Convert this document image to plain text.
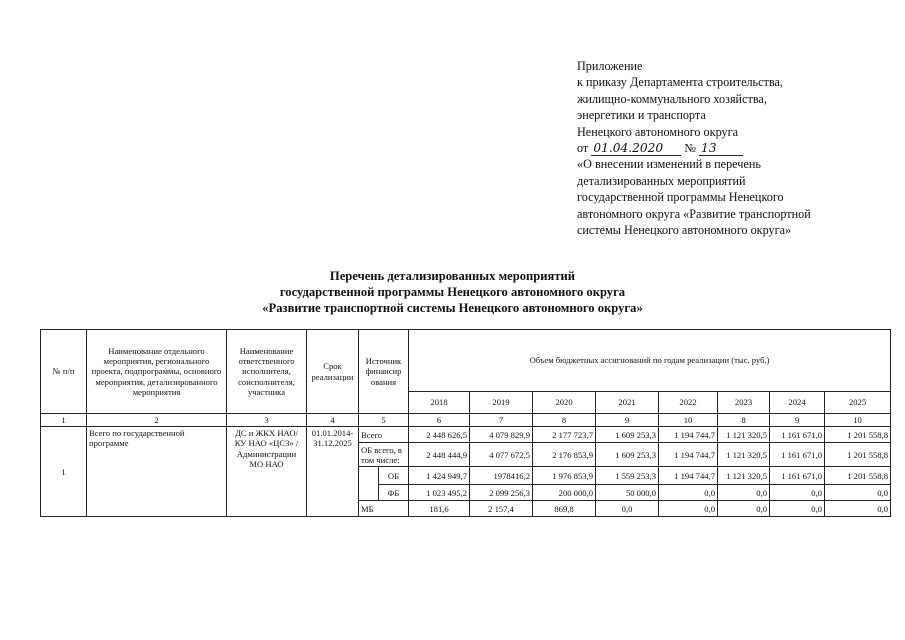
Приложение
к приказу Департамента строительства,
жилищно-коммунального хозяйства,
энергетики и транспорта
Ненецкого автономного округа
от 01.04.2020 № 13
«О внесении изменений в перечень
детализированных мероприятий
государственной программы Ненецкого
автономного округа «Развитие транспортной
системы Ненецкого автономного округа»
Перечень детализированных мероприятий
государственной программы Ненецкого автономного округа
«Развитие транспортной системы Ненецкого автономного округа»
№ п/п	Наименование отдельного мероприятия, регионального проекта, подпрограммы, основного мероприятия, детализированного мероприятия	Наименование ответственного исполнителя, соисполнителя, участника	Срок реализации	Источник финансир ования		Объем бюджетных ассигнований по годам реализации (тыс. руб.)							
						2018	2019	2020	2021	2022	2023	2024	2025
1	2	3	4	5		6	7	8	9	10	8	9	10
1	Всего по государственной программе	ДС и ЖКХ НАО/ КУ НАО «ЦСЗ» /Администрации МО НАО	01.01.2014-31.12.2025	Всего		2 448 626,5	4 079 829,9	2 177 723,7	1 609 253,3	1 194 744,7	1 121 320,5	1 161 671,0	1 201 558,8
				ОБ всего, в том числе:		2 448 444,9	4 077 672,5	2 176 853,9	1 609 253,3	1 194 744,7	1 121 320,5	1 161 671,0	1 201 558,8
					ОБ	1 424 949,7	1978416,2	1 976 853,9	1 559 253,3	1 194 744,7	1 121 320,5	1 161 671,0	1 201 558,8
					ФБ	1 023 495,2	2 099 256,3	200 000,0	50 000,0	0,0	0,0	0,0	0,0
				МБ		181,6	2 157,4	869,8	0,0	0,0	0,0	0,0	0,0
